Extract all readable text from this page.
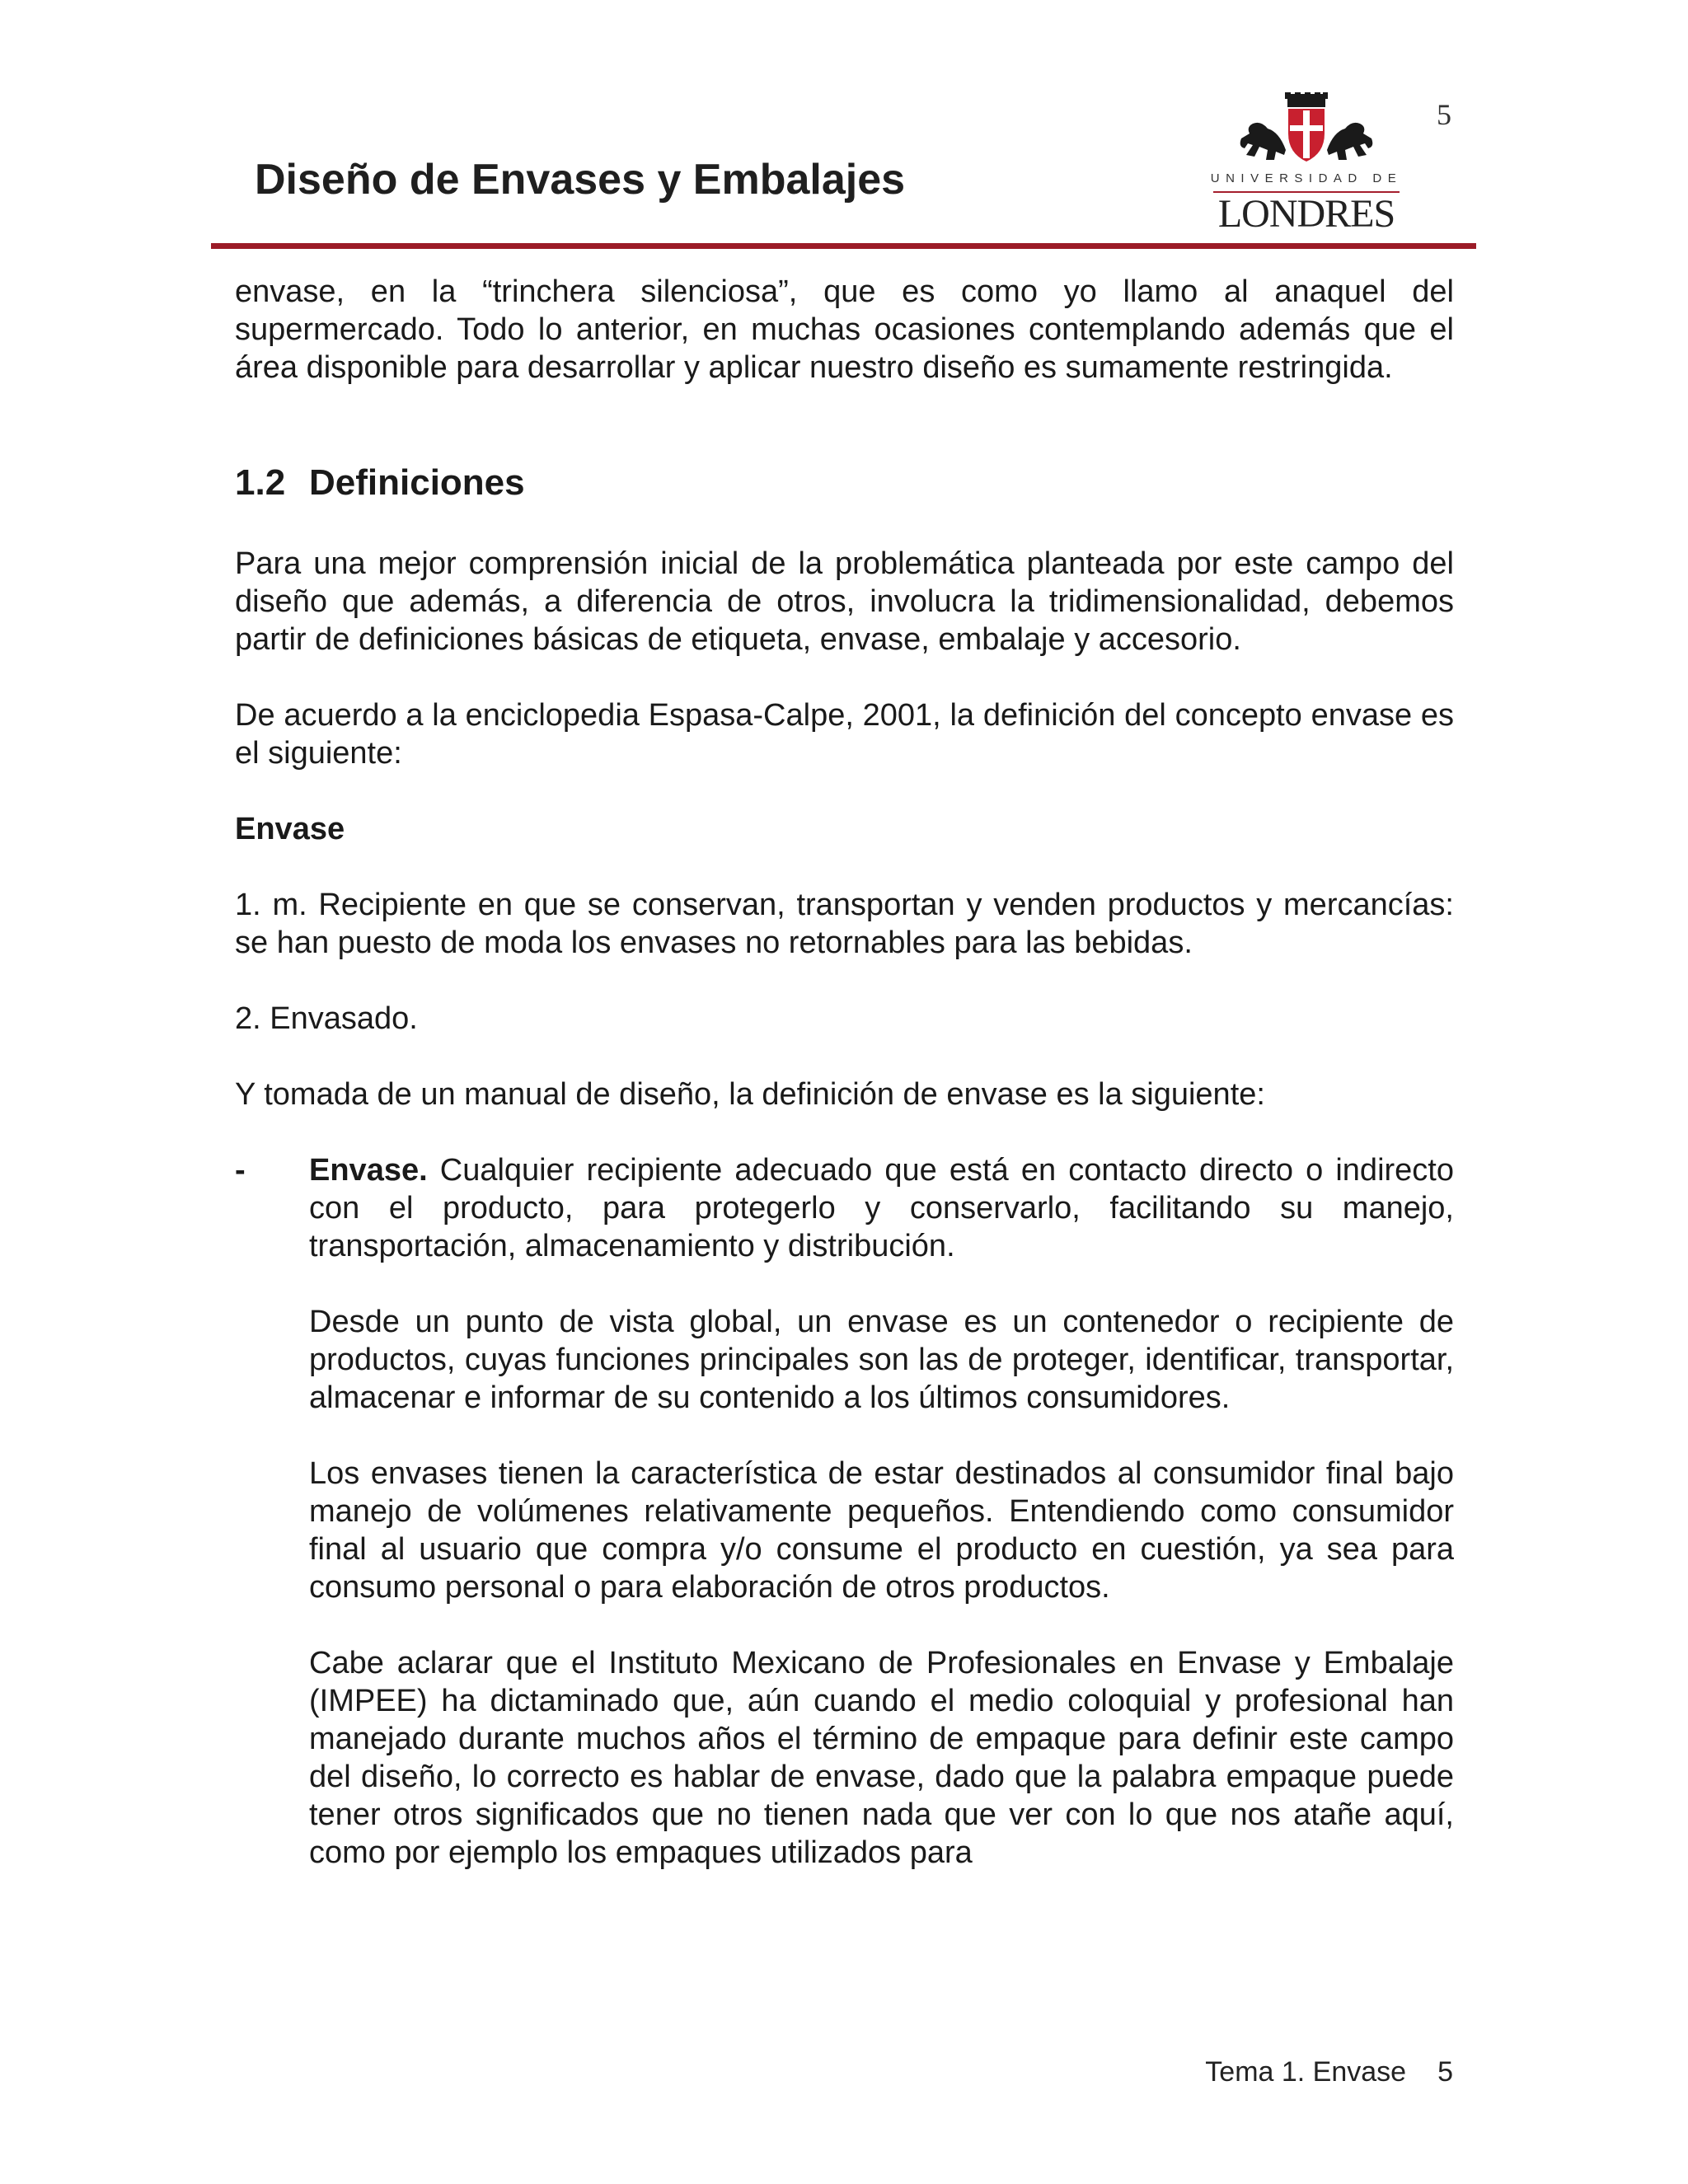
5
Diseño de Envases y Embalajes	UNIVERSIDAD DE
LONDRES

envase, en la “trinchera silenciosa”, que es como yo llamo al anaquel del supermercado. Todo lo anterior, en muchas ocasiones contemplando además que el área disponible para desarrollar y aplicar nuestro diseño es sumamente restringida.

1.2 Definiciones

Para una mejor comprensión inicial de la problemática planteada por este campo del diseño que además, a diferencia de otros, involucra la tridimensionalidad, debemos partir de definiciones básicas de etiqueta, envase, embalaje y accesorio.

De acuerdo a la enciclopedia Espasa-Calpe, 2001, la definición del concepto envase es el siguiente:

Envase

1. m. Recipiente en que se conservan, transportan y venden productos y mercancías: se han puesto de moda los envases no retornables para las bebidas.

2. Envasado.

Y tomada de un manual de diseño, la definición de envase es la siguiente:

-	Envase. Cualquier recipiente adecuado que está en contacto directo o indirecto con el producto, para protegerlo y conservarlo, facilitando su manejo, transportación, almacenamiento y distribución.

Desde un punto de vista global, un envase es un contenedor o recipiente de productos, cuyas funciones principales son las de proteger, identificar, transportar, almacenar e informar de su contenido a los últimos consumidores.

Los envases tienen la característica de estar destinados al consumidor final bajo manejo de volúmenes relativamente pequeños. Entendiendo como consumidor final al usuario que compra y/o consume el producto en cuestión, ya sea para consumo personal o para elaboración de otros productos.

Cabe aclarar que el Instituto Mexicano de Profesionales en Envase y Embalaje (IMPEE) ha dictaminado que, aún cuando el medio coloquial y profesional han manejado durante muchos años el término de empaque para definir este campo del diseño, lo correcto es hablar de envase, dado que la palabra empaque puede tener otros significados que no tienen nada que ver con lo que nos atañe aquí, como por ejemplo los empaques utilizados para

Tema 1. Envase 5
